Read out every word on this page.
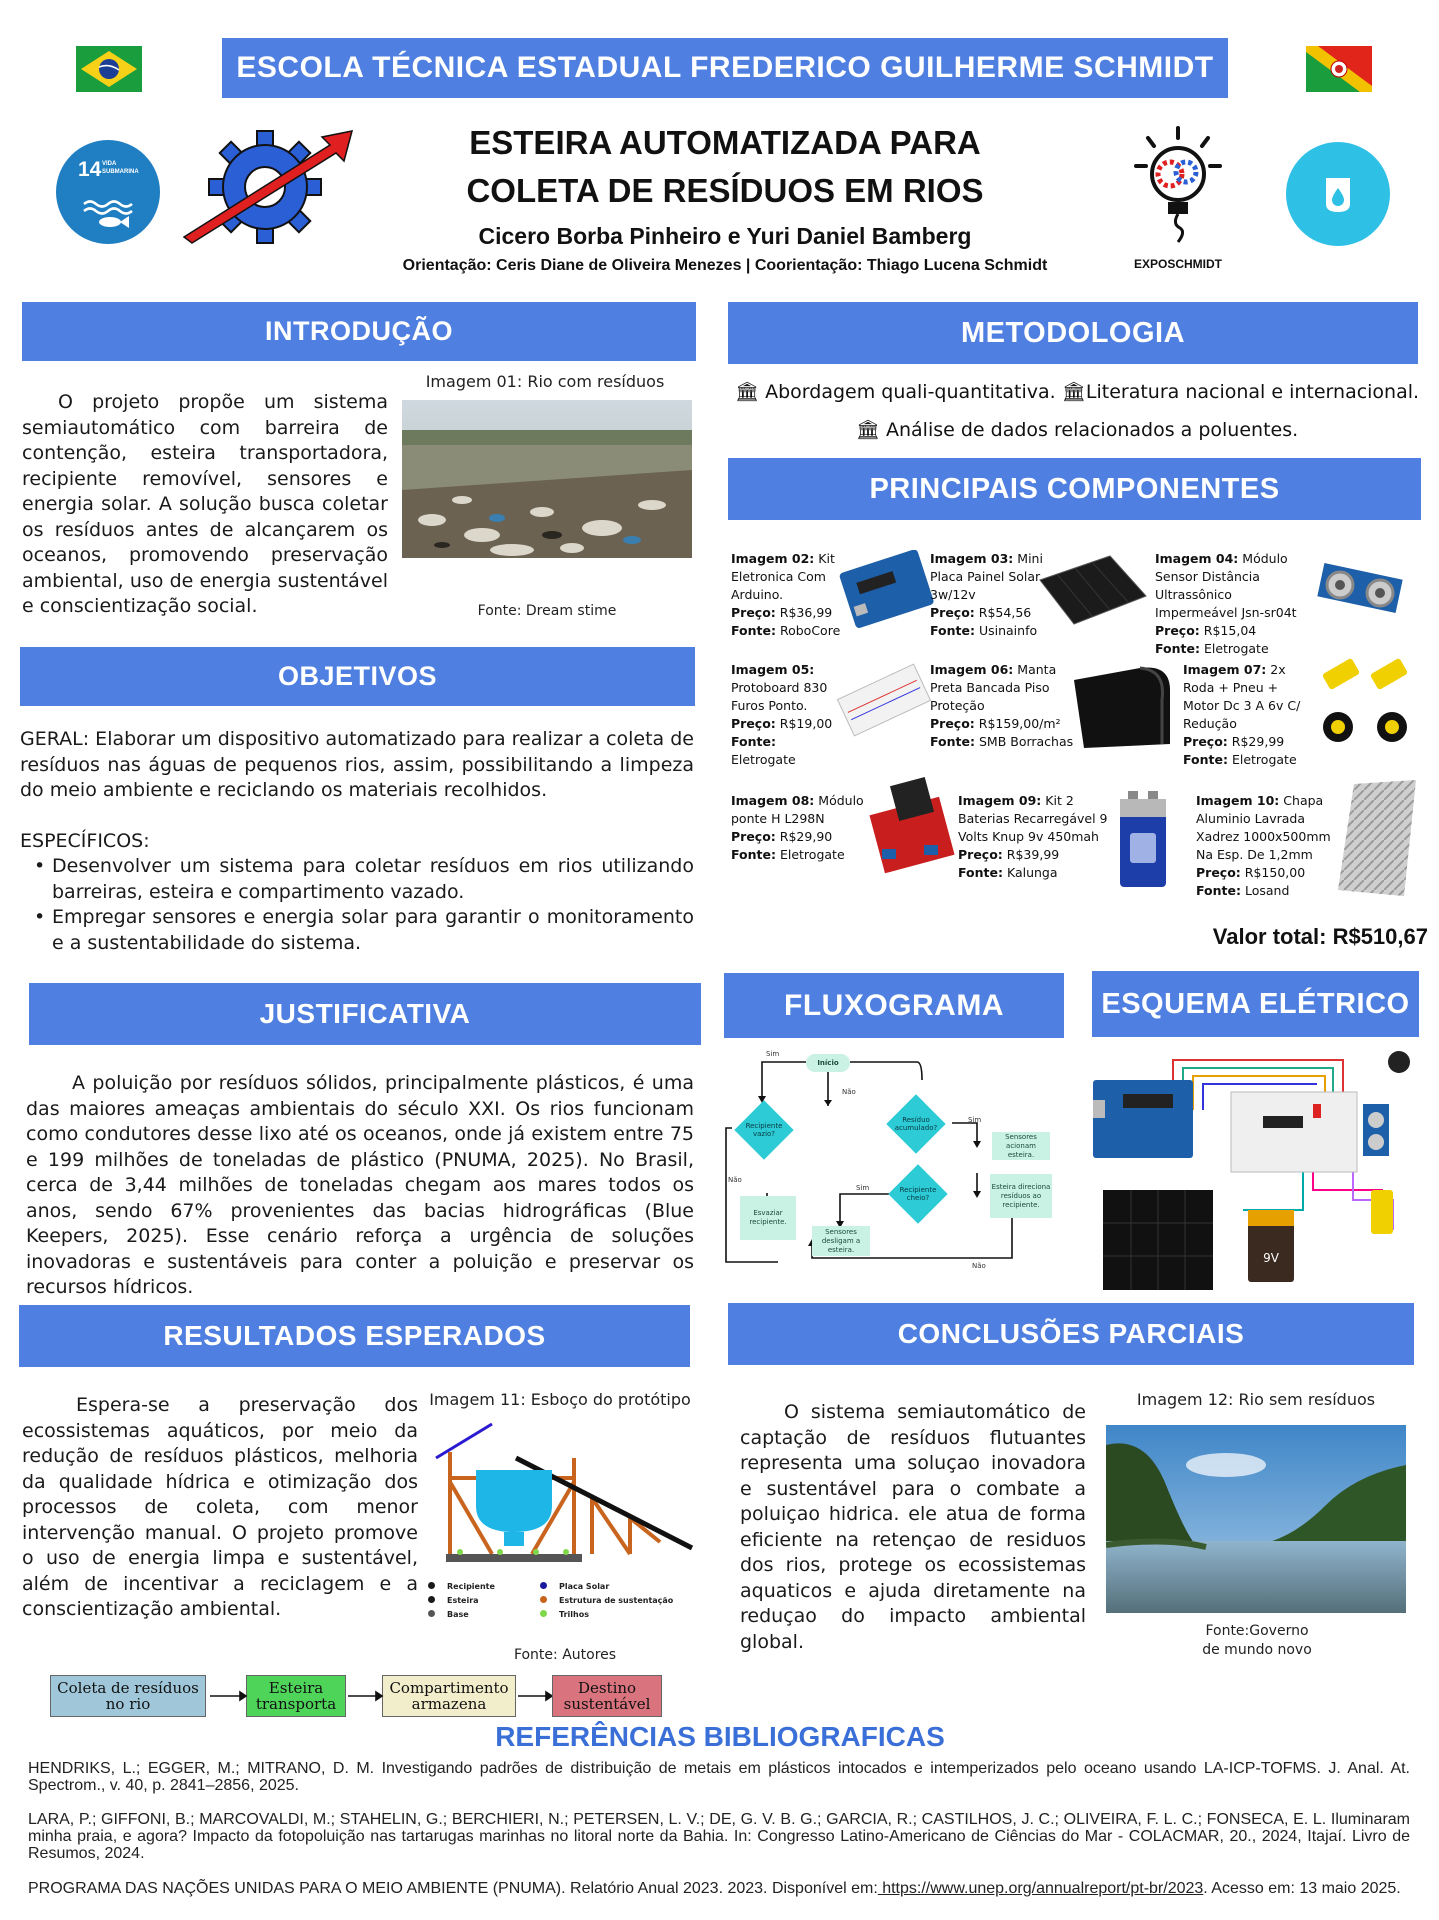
ESCOLA TÉCNICA ESTADUAL FREDERICO GUILHERME SCHMIDT
14 VIDA SUBMARINA
ESTEIRA AUTOMATIZADA PARA
COLETA DE RESÍDUOS EM RIOS
Cicero Borba Pinheiro e Yuri Daniel Bamberg
Orientação: Ceris Diane de Oliveira Menezes | Coorientação: Thiago Lucena Schmidt	EXPOSCHMIDT
INTRODUÇÃO
O projeto propõe um sistema semiautomático com barreira de contenção, esteira transportadora, recipiente removível, sensores e energia solar. A solução busca coletar os resíduos antes de alcançarem os oceanos, promovendo preservação ambiental, uso de energia sustentável e conscientização social.
Imagem 01: Rio com resíduos
Fonte: Dream stime
OBJETIVOS
GERAL: Elaborar um dispositivo automatizado para realizar a coleta de resíduos nas águas de pequenos rios, assim, possibilitando a limpeza do meio ambiente e reciclando os materiais recolhidos.
ESPECÍFICOS:
• Desenvolver um sistema para coletar resíduos em rios utilizando barreiras, esteira e compartimento vazado.
• Empregar sensores e energia solar para garantir o monitoramento e a sustentabilidade do sistema.
METODOLOGIA
🏛 Abordagem quali-quantitativa. 🏛Literatura nacional e internacional.
🏛 Análise de dados relacionados a poluentes.
PRINCIPAIS COMPONENTES
Imagem 02: Kit Eletronica Com Arduino.
Preço: R$36,99
Fonte: RoboCore
Imagem 03: Mini Placa Painel Solar 3w/12v
Preço: R$54,56
Fonte: Usinainfo
Imagem 04: Módulo Sensor Distância Ultrassônico Impermeável Jsn-sr04t
Preço: R$15,04
Fonte: Eletrogate
Imagem 05:
Protoboard 830 Furos Ponto.
Preço: R$19,00
Fonte: Eletrogate
Imagem 06: Manta Preta Bancada Piso Proteção
Preço: R$159,00/m²
Fonte: SMB Borrachas
Imagem 07: 2x Roda + Pneu + Motor Dc 3 A 6v C/ Redução
Preço: R$29,99
Fonte: Eletrogate
Imagem 08: Módulo ponte H L298N
Preço: R$29,90
Fonte: Eletrogate
Imagem 09: Kit 2 Baterias Recarregável 9 Volts Knup 9v 450mah
Preço: R$39,99
Fonte: Kalunga
Imagem 10: Chapa Aluminio Lavrada Xadrez 1000x500mm Na Esp. De 1,2mm
Preço: R$150,00
Fonte: Losand
Valor total: R$510,67
JUSTIFICATIVA
A poluição por resíduos sólidos, principalmente plásticos, é uma das maiores ameaças ambientais do século XXI. Os rios funcionam como condutores desse lixo até os oceanos, onde já existem entre 75 e 199 milhões de toneladas de plástico (PNUMA, 2025). No Brasil, cerca de 3,44 milhões de toneladas chegam aos mares todos os anos, sendo 67% provenientes das bacias hidrográficas (Blue Keepers, 2025). Esse cenário reforça a urgência de soluções inovadoras e sustentáveis para conter a poluição e preservar os recursos hídricos.
FLUXOGRAMA
Início
Resíduo acumulado?
Sensores acionam esteira.
Esteira direciona resíduos ao recipiente.
Recipiente cheio?
Sensores desligam a esteira.
Esvaziar recipiente.
Recipiente vazio?
Sim
Não
Sim
Sim
Não
Não
ESQUEMA ELÉTRICO
9V
RESULTADOS ESPERADOS
Espera-se a preservação dos ecossistemas aquáticos, por meio da redução de resíduos plásticos, melhoria da qualidade hídrica e otimização dos processos de coleta, com menor intervenção manual. O projeto promove o uso de energia limpa e sustentável, além de incentivar a reciclagem e a conscientização ambiental.
Imagem 11: Esboço do protótipo
Recipiente	Placa Solar
Esteira	Estrutura de sustentação
Base	Trilhos
Fonte: Autores
Coleta de resíduos no rio
Esteira transporta
Compartimento armazena
Destino sustentável
CONCLUSÕES PARCIAIS
O sistema semiautomático de captação de resíduos flutuantes representa uma soluçao inovadora e sustentável para o combate a poluiçao hidrica. ele atua de forma eficiente na retençao de residuos dos rios, protege os ecossistemas aquaticos e ajuda diretamente na reduçao do impacto ambiental global.
Imagem 12: Rio sem resíduos
Fonte:Governo de mundo novo
REFERÊNCIAS BIBLIOGRAFICAS
HENDRIKS, L.; EGGER, M.; MITRANO, D. M. Investigando padrões de distribuição de metais em plásticos intocados e intemperizados pelo oceano usando LA-ICP-TOFMS. J. Anal. At. Spectrom., v. 40, p. 2841–2856, 2025.
LARA, P.; GIFFONI, B.; MARCOVALDI, M.; STAHELIN, G.; BERCHIERI, N.; PETERSEN, L. V.; DE, G. V. B. G.; GARCIA, R.; CASTILHOS, J. C.; OLIVEIRA, F. L. C.; FONSECA, E. L. Iluminaram minha praia, e agora? Impacto da fotopoluição nas tartarugas marinhas no litoral norte da Bahia. In: Congresso Latino-Americano de Ciências do Mar - COLACMAR, 20., 2024, Itajaí. Livro de Resumos, 2024.
PROGRAMA DAS NAÇÕES UNIDAS PARA O MEIO AMBIENTE (PNUMA). Relatório Anual 2023. 2023. Disponível em: https://www.unep.org/annualreport/pt-br/2023. Acesso em: 13 maio 2025.
